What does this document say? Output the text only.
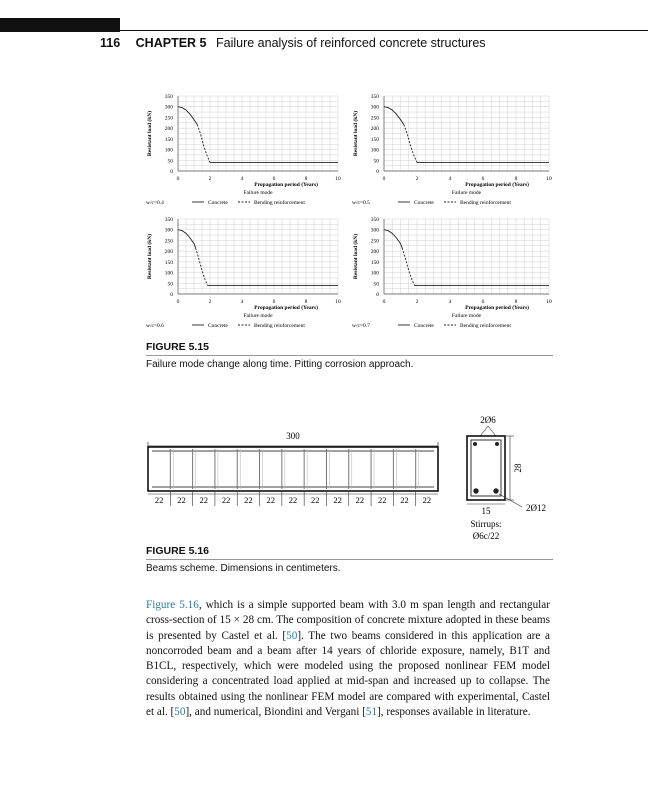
116 CHAPTER 5 Failure analysis of reinforced concrete structures
0
50
100
150
200
250
300
350
0	2	4	6	8	10
Resistant load (kN)
Propagation period (Years)
Failure mode
w/c=0.4	Concrete	Bending reinforcement
0
50
100
150
200
250
300
350
0	2	4	6	8	10
Resistant load (kN)
Propagation period (Years)
Failure mode
w/c=0.5	Concrete	Bending reinforcement
0
50
100
150
200
250
300
350
0	2	4	6	8	10
Resistant load (kN)
Propagation period (Years)
Failure mode
w/c=0.6	Concrete	Bending reinforcement
0
50
100
150
200
250
300
350
0	2	4	6	8	10
Resistant load (kN)
Propagation period (Years)
Failure mode
w/c=0.7	Concrete	Bending reinforcement
FIGURE 5.15
Failure mode change along time. Pitting corrosion approach.
300
22 22 22 22 22 22 22 22 22 22 22 22 22
2Ø6
28
15	2Ø12
Stirrups:
Ø6c/22
FIGURE 5.16
Beams scheme. Dimensions in centimeters.
Figure 5.16, which is a simple supported beam with 3.0 m span length and rectangular cross-section of 15 × 28 cm. The composition of concrete mixture adopted in these beams is presented by Castel et al. [50]. The two beams considered in this application are a noncorroded beam and a beam after 14 years of chloride exposure, namely, B1T and B1CL, respectively, which were modeled using the proposed nonlinear FEM model considering a concentrated load applied at mid-span and increased up to collapse. The results obtained using the nonlinear FEM model are compared with experimental, Castel et al. [50], and numerical, Biondini and Vergani [51], responses available in literature.
